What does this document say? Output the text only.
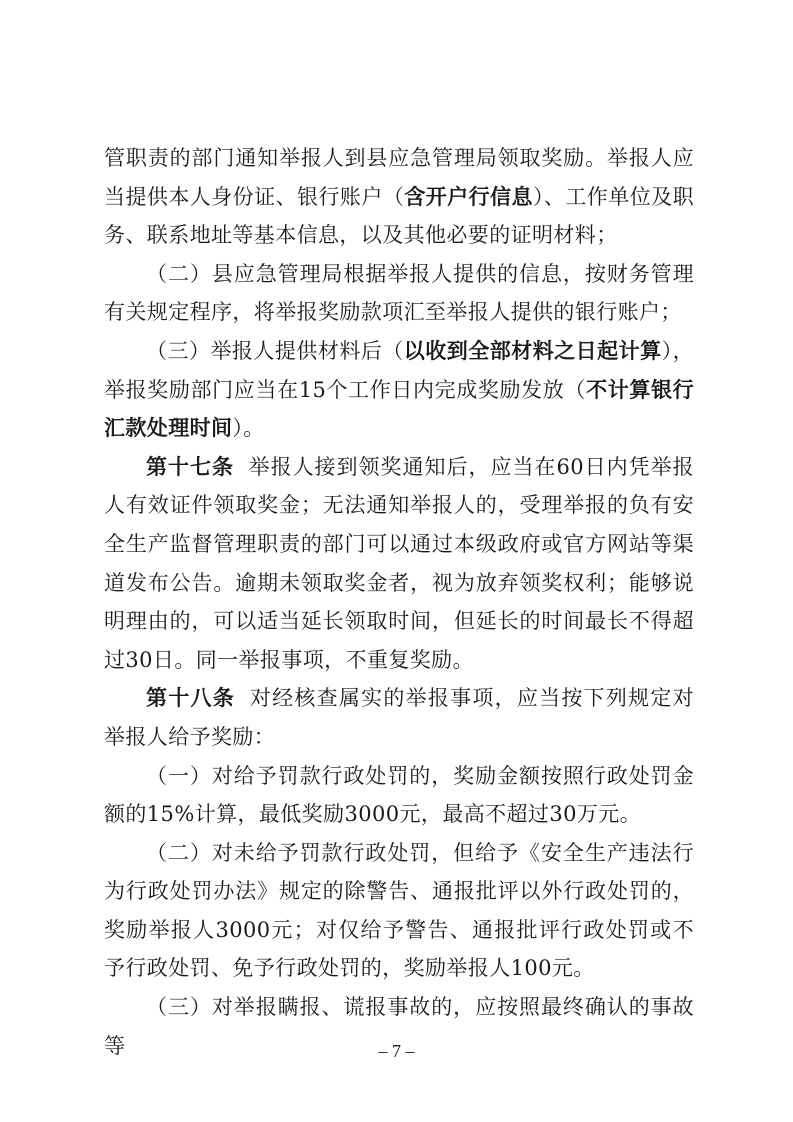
管职责的部门通知举报人到县应急管理局领取奖励。举报人应当提供本人身份证、银行账户（含开户行信息）、工作单位及职务、联系地址等基本信息，以及其他必要的证明材料；

（二）县应急管理局根据举报人提供的信息，按财务管理有关规定程序，将举报奖励款项汇至举报人提供的银行账户；

（三）举报人提供材料后（以收到全部材料之日起计算），举报奖励部门应当在15个工作日内完成奖励发放（不计算银行汇款处理时间）。

第十七条 举报人接到领奖通知后，应当在60日内凭举报人有效证件领取奖金；无法通知举报人的，受理举报的负有安全生产监督管理职责的部门可以通过本级政府或官方网站等渠道发布公告。逾期未领取奖金者，视为放弃领奖权利；能够说明理由的，可以适当延长领取时间，但延长的时间最长不得超过30日。同一举报事项，不重复奖励。

第十八条 对经核查属实的举报事项，应当按下列规定对举报人给予奖励：

（一）对给予罚款行政处罚的，奖励金额按照行政处罚金额的15%计算，最低奖励3000元，最高不超过30万元。

（二）对未给予罚款行政处罚，但给予《安全生产违法行为行政处罚办法》规定的除警告、通报批评以外行政处罚的，奖励举报人3000元；对仅给予警告、通报批评行政处罚或不予行政处罚、免予行政处罚的，奖励举报人100元。

（三）对举报瞒报、谎报事故的，应按照最终确认的事故等	– 7 –
